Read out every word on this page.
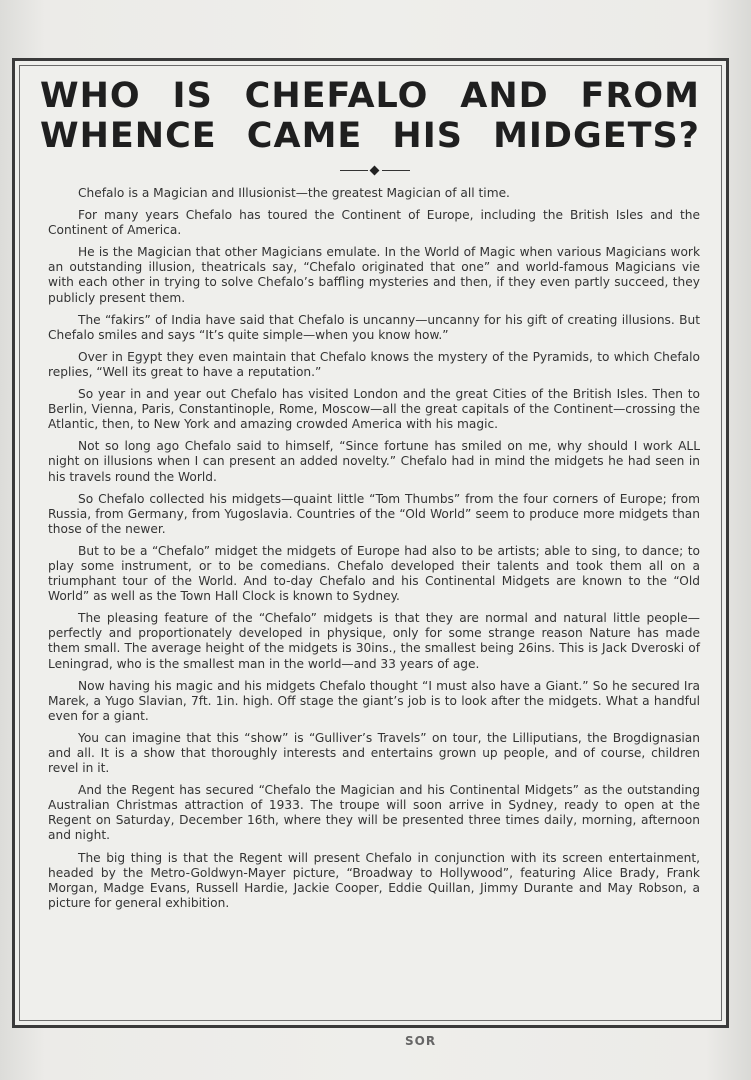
WHO IS CHEFALO AND FROM
WHENCE CAME HIS MIDGETS?

Chefalo is a Magician and Illusionist—the greatest Magician of all time.

For many years Chefalo has toured the Continent of Europe, including the British Isles and the Continent of America.

He is the Magician that other Magicians emulate. In the World of Magic when various Magicians work an outstanding illusion, theatricals say, “Chefalo originated that one” and world-famous Magicians vie with each other in trying to solve Chefalo’s baffling mysteries and then, if they even partly succeed, they publicly present them.

The “fakirs” of India have said that Chefalo is uncanny—uncanny for his gift of creating illusions. But Chefalo smiles and says “It’s quite simple—when you know how.”

Over in Egypt they even maintain that Chefalo knows the mystery of the Pyramids, to which Chefalo replies, “Well its great to have a reputation.”

So year in and year out Chefalo has visited London and the great Cities of the British Isles. Then to Berlin, Vienna, Paris, Constantinople, Rome, Moscow—all the great capitals of the Continent—crossing the Atlantic, then, to New York and amazing crowded America with his magic.

Not so long ago Chefalo said to himself, “Since fortune has smiled on me, why should I work ALL night on illusions when I can present an added novelty.” Chefalo had in mind the midgets he had seen in his travels round the World.

So Chefalo collected his midgets—quaint little “Tom Thumbs” from the four corners of Europe; from Russia, from Germany, from Yugoslavia. Countries of the “Old World” seem to produce more midgets than those of the newer.

But to be a “Chefalo” midget the midgets of Europe had also to be artists; able to sing, to dance; to play some instrument, or to be comedians. Chefalo developed their talents and took them all on a triumphant tour of the World. And to-day Chefalo and his Continental Midgets are known to the “Old World” as well as the Town Hall Clock is known to Sydney.

The pleasing feature of the “Chefalo” midgets is that they are normal and natural little people—perfectly and proportionately developed in physique, only for some strange reason Nature has made them small. The average height of the midgets is 30ins., the smallest being 26ins. This is Jack Dveroski of Leningrad, who is the smallest man in the world—and 33 years of age.

Now having his magic and his midgets Chefalo thought “I must also have a Giant.” So he secured Ira Marek, a Yugo Slavian, 7ft. 1in. high. Off stage the giant’s job is to look after the midgets. What a handful even for a giant.

You can imagine that this “show” is “Gulliver’s Travels” on tour, the Lilliputians, the Brogdignasian and all. It is a show that thoroughly interests and entertains grown up people, and of course, children revel in it.

And the Regent has secured “Chefalo the Magician and his Continental Midgets” as the outstanding Australian Christmas attraction of 1933. The troupe will soon arrive in Sydney, ready to open at the Regent on Saturday, December 16th, where they will be presented three times daily, morning, afternoon and night.

The big thing is that the Regent will present Chefalo in conjunction with its screen entertainment, headed by the Metro-Goldwyn-Mayer picture, “Broadway to Hollywood”, featuring Alice Brady, Frank Morgan, Madge Evans, Russell Hardie, Jackie Cooper, Eddie Quillan, Jimmy Durante and May Robson, a picture for general exhibition.

SOR
